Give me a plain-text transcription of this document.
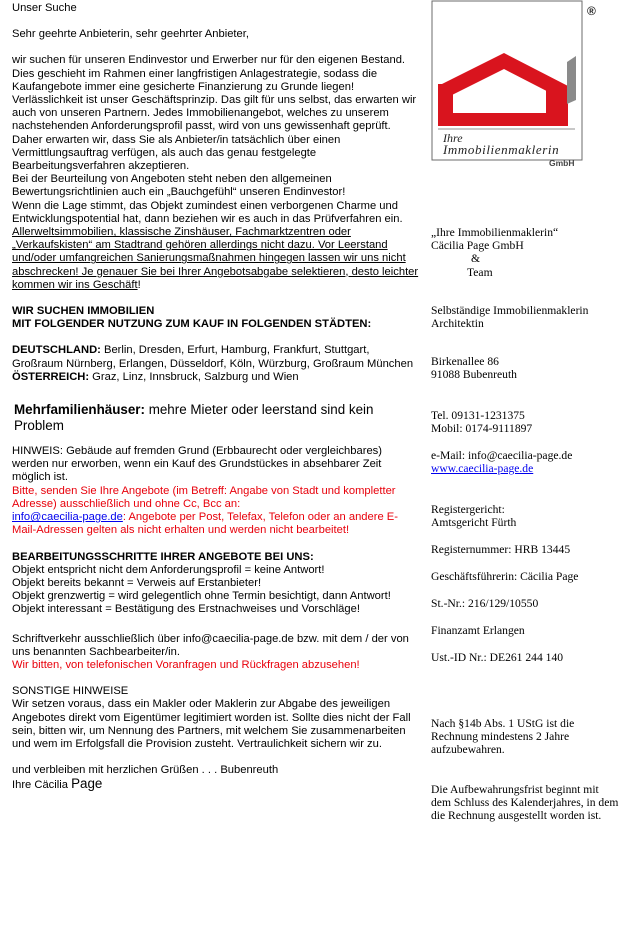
Unser Suche

Sehr geehrte Anbieterin, sehr geehrter Anbieter,

wir suchen für unseren Endinvestor und Erwerber nur für den eigenen Bestand. Dies geschieht im Rahmen einer langfristigen Anlagestrategie, sodass die Kaufangebote immer eine gesicherte Finanzierung zu Grunde liegen!

Verlässlichkeit ist unser Geschäftsprinzip. Das gilt für uns selbst, das erwarten wir auch von unseren Partnern. Jedes Immobilienangebot, welches zu unserem nachstehenden Anforderungsprofil passt, wird von uns gewissenhaft geprüft. Daher erwarten wir, dass Sie als Anbieter/in tatsächlich über einen Vermittlungsauftrag verfügen, als auch das genau festgelegte Bearbeitungsverfahren akzeptieren.

Bei der Beurteilung von Angeboten steht neben den allgemeinen Bewertungsrichtlinien auch ein „Bauchgefühl“ unseren Endinvestor!

Wenn die Lage stimmt, das Objekt zumindest einen verborgenen Charme und Entwicklungspotential hat, dann beziehen wir es auch in das Prüfverfahren ein.

Allerweltsimmobilien, klassische Zinshäuser, Fachmarktzentren oder „Verkaufskisten“ am Stadtrand gehören allerdings nicht dazu. Vor Leerstand und/oder umfangreichen Sanierungsmaßnahmen hingegen lassen wir uns nicht abschrecken! Je genauer Sie bei Ihrer Angebotsabgabe selektieren, desto leichter kommen wir ins Geschäft!

WIR SUCHEN IMMOBILIEN

MIT FOLGENDER NUTZUNG ZUM KAUF IN FOLGENDEN STÄDTEN:

DEUTSCHLAND: Berlin, Dresden, Erfurt, Hamburg, Frankfurt, Stuttgart, Großraum Nürnberg, Erlangen, Düsseldorf, Köln, Würzburg, Großraum München

ÖSTERREICH: Graz, Linz, Innsbruck, Salzburg und Wien

Mehrfamilienhäuser: mehre Mieter oder leerstand sind kein Problem

HINWEIS: Gebäude auf fremden Grund (Erbbaurecht oder vergleichbares) werden nur erworben, wenn ein Kauf des Grundstückes in absehbarer Zeit möglich ist.

Bitte, senden Sie Ihre Angebote (im Betreff: Angabe von Stadt und kompletter Adresse) ausschließlich und ohne Cc, Bcc an:
info@caecilia-page.de: Angebote per Post, Telefax, Telefon oder an andere E-Mail-Adressen gelten als nicht erhalten und werden nicht bearbeitet!

BEARBEITUNGSSCHRITTE IHRER ANGEBOTE BEI UNS:

Objekt entspricht nicht dem Anforderungsprofil = keine Antwort!

Objekt bereits bekannt = Verweis auf Erstanbieter!

Objekt grenzwertig = wird gelegentlich ohne Termin besichtigt, dann Antwort!

Objekt interessant = Bestätigung des Erstnachweises und Vorschläge!

Schriftverkehr ausschließlich über info@caecilia-page.de bzw. mit dem / der von uns benannten Sachbearbeiter/in.

Wir bitten, von telefonischen Voranfragen und Rückfragen abzusehen!

SONSTIGE HINWEISE

Wir setzen voraus, dass ein Makler oder Maklerin zur Abgabe des jeweiligen Angebotes direkt vom Eigentümer legitimiert worden ist. Sollte dies nicht der Fall sein, bitten wir, um Nennung des Partners, mit welchem Sie zusammenarbeiten und wem im Erfolgsfall die Provision zusteht. Vertraulichkeit sichern wir zu.

und verbleiben mit herzlichen Grüßen . . . Bubenreuth

Ihre Cäcilia Page

Ihre
Immobilienmaklerin
GmbH
®

„Ihre Immobilienmaklerin“

Cäcilia Page GmbH

&

Team

Selbständige Immobilienmaklerin

Architektin

Birkenallee 86

91088 Bubenreuth

Tel. 09131-1231375

Mobil: 0174-9111897

e-Mail: info@caecilia-page.de

www.caecilia-page.de

Registergericht:

Amtsgericht Fürth

Registernummer: HRB 13445
Geschäftsführerin: Cäcilia Page
St.-Nr.: 216/129/10550
Finanzamt Erlangen
Ust.-ID Nr.: DE261 244 140
Nach §14b Abs. 1 UStG ist die Rechnung mindestens 2 Jahre aufzubewahren.
Die Aufbewahrungsfrist beginnt mit dem Schluss des Kalenderjahres, in dem die Rechnung ausgestellt worden ist.
